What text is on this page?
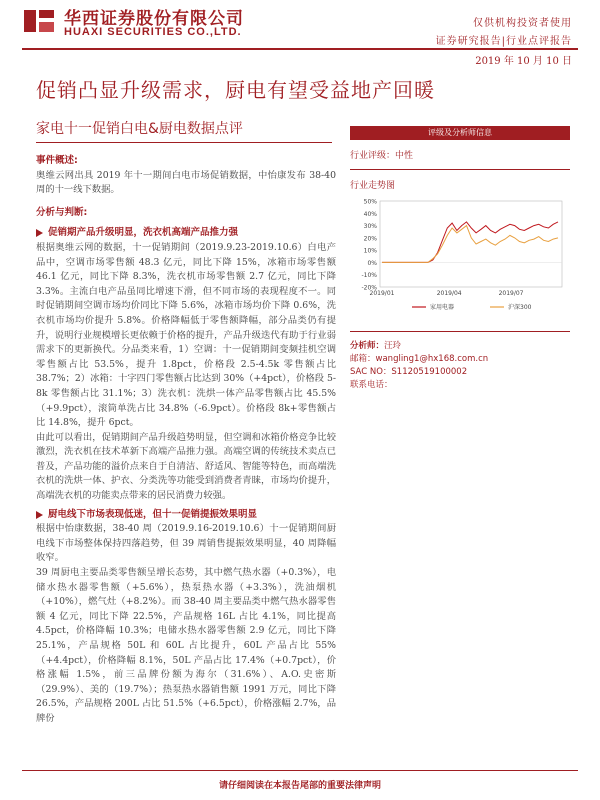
华西证券股份有限公司
HUAXI SECURITIES CO.,LTD.
仅供机构投资者使用
证券研究报告|行业点评报告
2019 年 10 月 10 日
促销凸显升级需求，厨电有望受益地产回暖
家电十一促销白电&厨电数据点评
事件概述:
奥维云网出具 2019 年十一期间白电市场促销数据，中怡康发布 38-40 周的十一线下数据。
分析与判断:
促销期产品升级明显，洗衣机高端产品推力强
根据奥维云网的数据，十一促销期间（2019.9.23-2019.10.6）白电产品中，空调市场零售额 48.3 亿元，同比下降 15%，冰箱市场零售额 46.1 亿元，同比下降 8.3%，洗衣机市场零售额 2.7 亿元，同比下降 3.3%。主流白电产品虽同比增速下滑，但不同市场的表现程度不一。同时促销期间空调市场均价同比下降 5.6%，冰箱市场均价下降 0.6%，洗衣机市场均价提升 5.8%。价格降幅低于零售额降幅，部分品类仍有提升，说明行业规模增长更依赖于价格的提升，产品升级迭代有助于行业弱需求下的更新换代。分品类来看，1）空调：十一促销期间变频挂机空调零售额占比 53.5%，提升 1.8pct，价格段 2.5-4.5k 零售额占比 38.7%；2）冰箱：十字四门零售额占比达到 30%（+4pct），价格段 5-8k 零售额占比 31.1%；3）洗衣机：洗烘一体产品零售额占比 45.5%（+9.9pct），滚筒单洗占比 34.8%（-6.9pct）。价格段 8k+零售额占比 14.8%，提升 6pct。
由此可以看出，促销期间产品升级趋势明显，但空调和冰箱价格竞争比较激烈，洗衣机在技术革新下高端产品推力强。高端空调的传统技术卖点已普及，产品功能的溢价点来自于自清洁、舒适风、智能等特色，而高端洗衣机的洗烘一体、护衣、分类洗等功能受到消费者青睐，市场均价提升，高端洗衣机的功能卖点带来的居民消费力较强。
厨电线下市场表现低迷，但十一促销提振效果明显
根据中怡康数据，38-40 周（2019.9.16-2019.10.6）十一促销期间厨电线下市场整体保持四落趋势，但 39 周销售提振效果明显，40 周降幅收窄。
39 周厨电主要品类零售额呈增长态势，其中燃气热水器（+0.3%），电储水热水器零售额（+5.6%），热泵热水器（+3.3%），洗油烟机（+10%），燃气灶（+8.2%）。而 38-40 周主要品类中燃气热水器零售额 4 亿元，同比下降 22.5%，产品规格 16L 占比 4.1%，同比提高 4.5pct，价格降幅 10.3%；电储水热水器零售额 2.9 亿元，同比下降 25.1%，产品规格 50L 和 60L 占比提升，60L 产品占比 55%（+4.4pct），价格降幅 8.1%，50L 产品占比 17.4%（+0.7pct），价格涨幅 1.5%，前三品牌份额为海尔（31.6%）、A.O.史密斯（29.9%）、美的（19.7%）；热泵热水器销售额 1991 万元，同比下降 26.5%，产品规格 200L 占比 51.5%（+6.5pct），价格涨幅 2.7%，品牌份
评级及分析师信息
行业评级：中性
行业走势图
50%
40%
30%
20%
10%
0%
-10%
-20%
2019/01	2019/04	2019/07
家用电器	沪深300
分析师：汪玲
邮箱：wangling1@hx168.com.cn
SAC NO：S1120519100002
联系电话：
请仔细阅读在本报告尾部的重要法律声明
